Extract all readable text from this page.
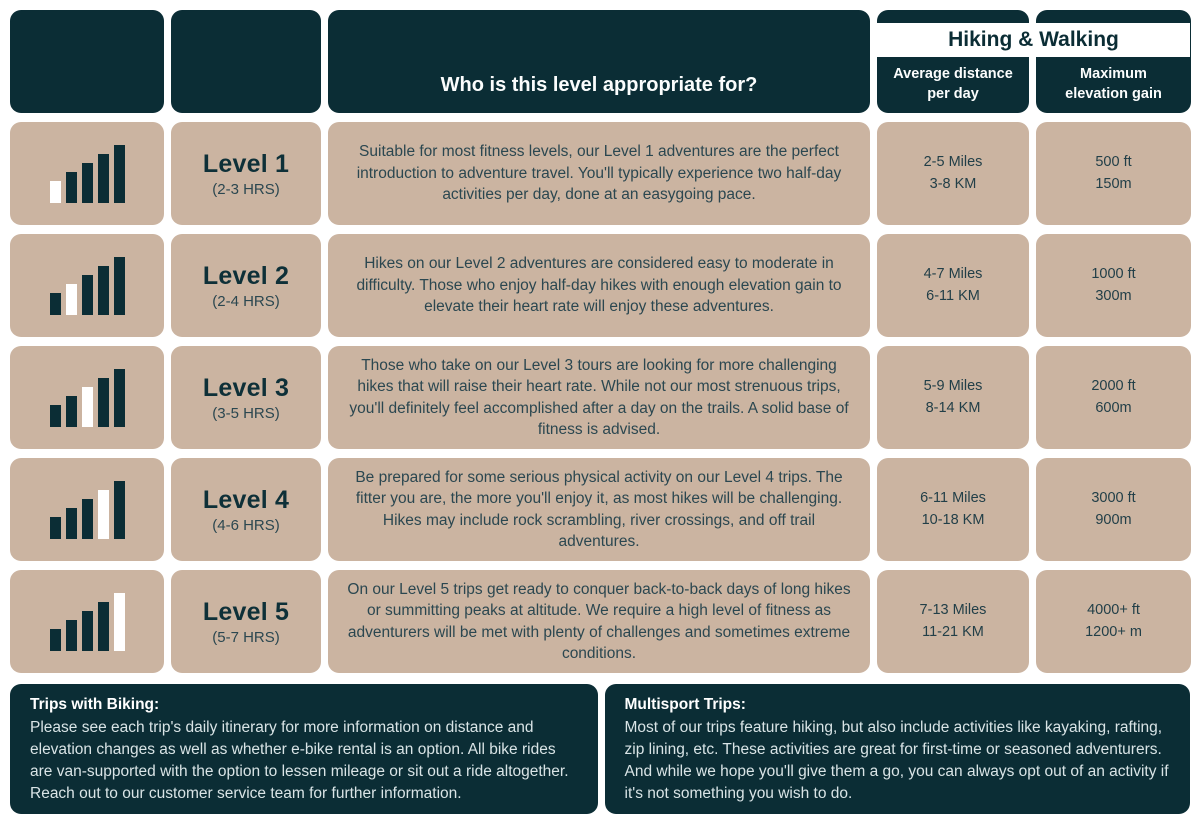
Hiking & Walking
Who is this level appropriate for?	Average distance
per day
Maximum
elevation gain
Level 1
(2-3 HRS)
Suitable for most fitness levels, our Level 1 adventures are the perfect introduction to adventure travel. You'll typically experience two half-day activities per day, done at an easygoing pace.
2-5 Miles
3-8 KM
500 ft
150m
Level 2
(2-4 HRS)
Hikes on our Level 2 adventures are considered easy to moderate in difficulty. Those who enjoy half-day hikes with enough elevation gain to elevate their heart rate will enjoy these adventures.
4-7 Miles
6-11 KM
1000 ft
300m
Level 3
(3-5 HRS)
Those who take on our Level 3 tours are looking for more challenging hikes that will raise their heart rate. While not our most strenuous trips, you'll definitely feel accomplished after a day on the trails. A solid base of fitness is advised.
5-9 Miles
8-14 KM
2000 ft
600m
Level 4
(4-6 HRS)
Be prepared for some serious physical activity on our Level 4 trips. The fitter you are, the more you'll enjoy it, as most hikes will be challenging. Hikes may include rock scrambling, river crossings, and off trail adventures.
6-11 Miles
10-18 KM
3000 ft
900m
Level 5
(5-7 HRS)
On our Level 5 trips get ready to conquer back-to-back days of long hikes or summitting peaks at altitude. We require a high level of fitness as adventurers will be met with plenty of challenges and sometimes extreme conditions.
7-13 Miles
11-21 KM
4000+ ft
1200+ m
Trips with Biking:
Please see each trip's daily itinerary for more information on distance and elevation changes as well as whether e-bike rental is an option. All bike rides are van-supported with the option to lessen mileage or sit out a ride altogether. Reach out to our customer service team for further information.
Multisport Trips:
Most of our trips feature hiking, but also include activities like kayaking, rafting, zip lining, etc. These activities are great for first-time or seasoned adventurers. And while we hope you'll give them a go, you can always opt out of an activity if it's not something you wish to do.
